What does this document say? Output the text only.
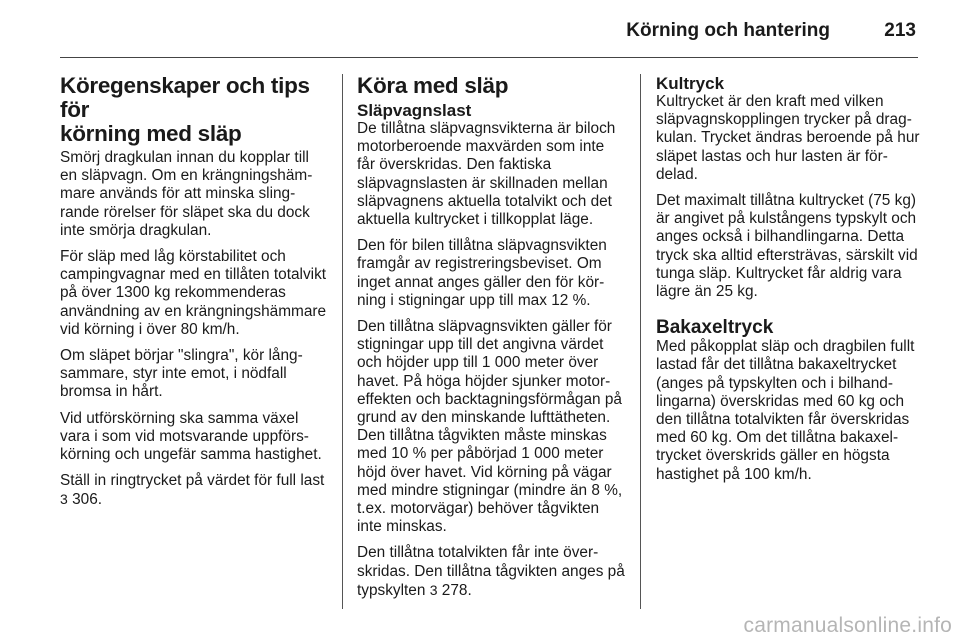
Körning och hantering	213
Köregenskaper och tips för
körning med släp

Smörj dragkulan innan du kopplar till en släpvagn. Om en krängningshämmare används för att minska slingrande rörelser för släpet ska du dock inte smörja dragkulan.

För släp med låg körstabilitet och campingvagnar med en tillåten totalvikt på över 1300 kg rekommenderas användning av en krängningshämmare vid körning i över 80 km/h.

Om släpet börjar "slingra", kör långsammare, styr inte emot, i nödfall bromsa in hårt.

Vid utförskörning ska samma växel vara i som vid motsvarande uppförskörning och ungefär samma hastighet.

Ställ in ringtrycket på värdet för full last 3 306.

Köra med släp
Släpvagnslast

De tillåtna släpvagnsvikterna är biloch motorberoende maxvärden som inte får överskridas. Den faktiska släpvagnslasten är skillnaden mellan släpvagnens aktuella totalvikt och det aktuella kultrycket i tillkopplat läge.

Den för bilen tillåtna släpvagnsvikten framgår av registreringsbeviset. Om inget annat anges gäller den för körning i stigningar upp till max 12 %.

Den tillåtna släpvagnsvikten gäller för stigningar upp till det angivna värdet och höjder upp till 1 000 meter över havet. På höga höjder sjunker motoreffekten och backtagningsförmågan på grund av den minskande lufttätheten. Den tillåtna tågvikten måste minskas med 10 % per påbörjad 1 000 meter höjd över havet. Vid körning på vägar med mindre stigningar (mindre än 8 %, t.ex. motorvägar) behöver tågvikten inte minskas.

Den tillåtna totalvikten får inte överskridas. Den tillåtna tågvikten anges på typskylten 3 278.

Kultryck

Kultrycket är den kraft med vilken släpvagnskopplingen trycker på dragkulan. Trycket ändras beroende på hur släpet lastas och hur lasten är fördelad.

Det maximalt tillåtna kultrycket (75 kg) är angivet på kulstångens typskylt och anges också i bilhandlingarna. Detta tryck ska alltid eftersträvas, särskilt vid tunga släp. Kultrycket får aldrig vara lägre än 25 kg.

Bakaxeltryck

Med påkopplat släp och dragbilen fullt lastad får det tillåtna bakaxeltrycket (anges på typskylten och i bilhandlingarna) överskridas med 60 kg och den tillåtna totalvikten får överskridas med 60 kg. Om det tillåtna bakaxeltrycket överskrids gäller en högsta hastighet på 100 km/h.

carmanualsonline.info
